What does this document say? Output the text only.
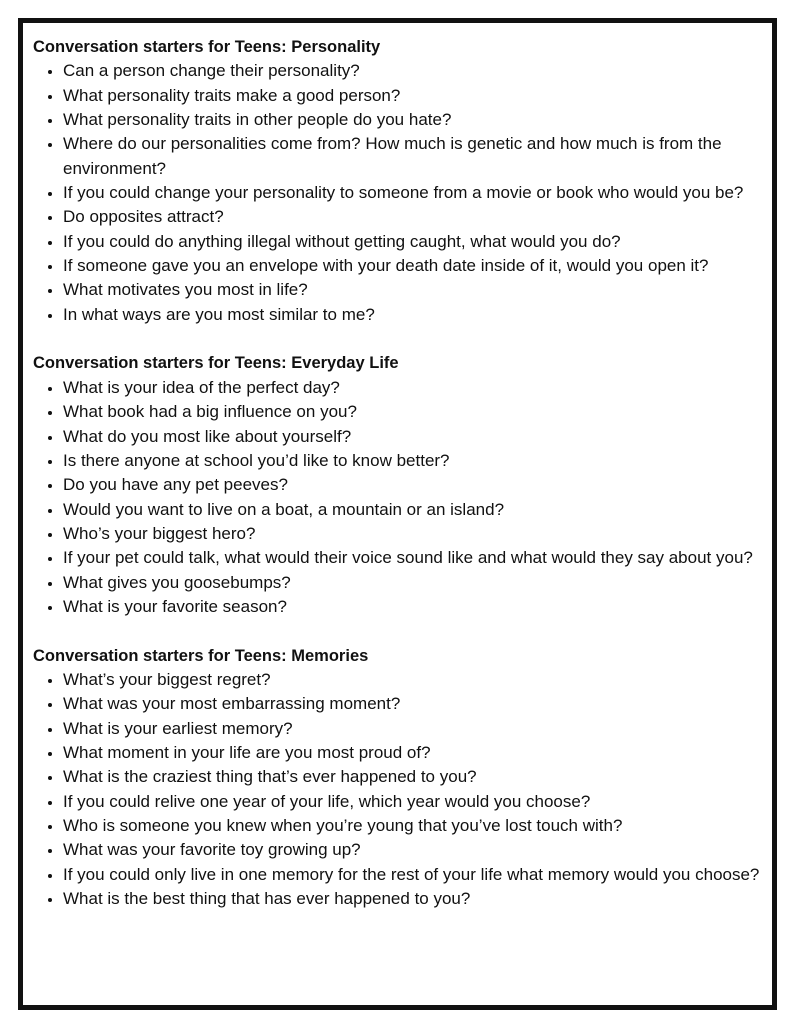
Conversation starters for Teens: Personality
• Can a person change their personality?
• What personality traits make a good person?
• What personality traits in other people do you hate?
• Where do our personalities come from? How much is genetic and how much is from the environment?
• If you could change your personality to someone from a movie or book who would you be?
• Do opposites attract?
• If you could do anything illegal without getting caught, what would you do?
• If someone gave you an envelope with your death date inside of it, would you open it?
• What motivates you most in life?
• In what ways are you most similar to me?
Conversation starters for Teens: Everyday Life
• What is your idea of the perfect day?
• What book had a big influence on you?
• What do you most like about yourself?
• Is there anyone at school you’d like to know better?
• Do you have any pet peeves?
• Would you want to live on a boat, a mountain or an island?
• Who’s your biggest hero?
• If your pet could talk, what would their voice sound like and what would they say about you?
• What gives you goosebumps?
• What is your favorite season?
Conversation starters for Teens: Memories
• What’s your biggest regret?
• What was your most embarrassing moment?
• What is your earliest memory?
• What moment in your life are you most proud of?
• What is the craziest thing that’s ever happened to you?
• If you could relive one year of your life, which year would you choose?
• Who is someone you knew when you’re young that you’ve lost touch with?
• What was your favorite toy growing up?
• If you could only live in one memory for the rest of your life what memory would you choose?
• What is the best thing that has ever happened to you?
